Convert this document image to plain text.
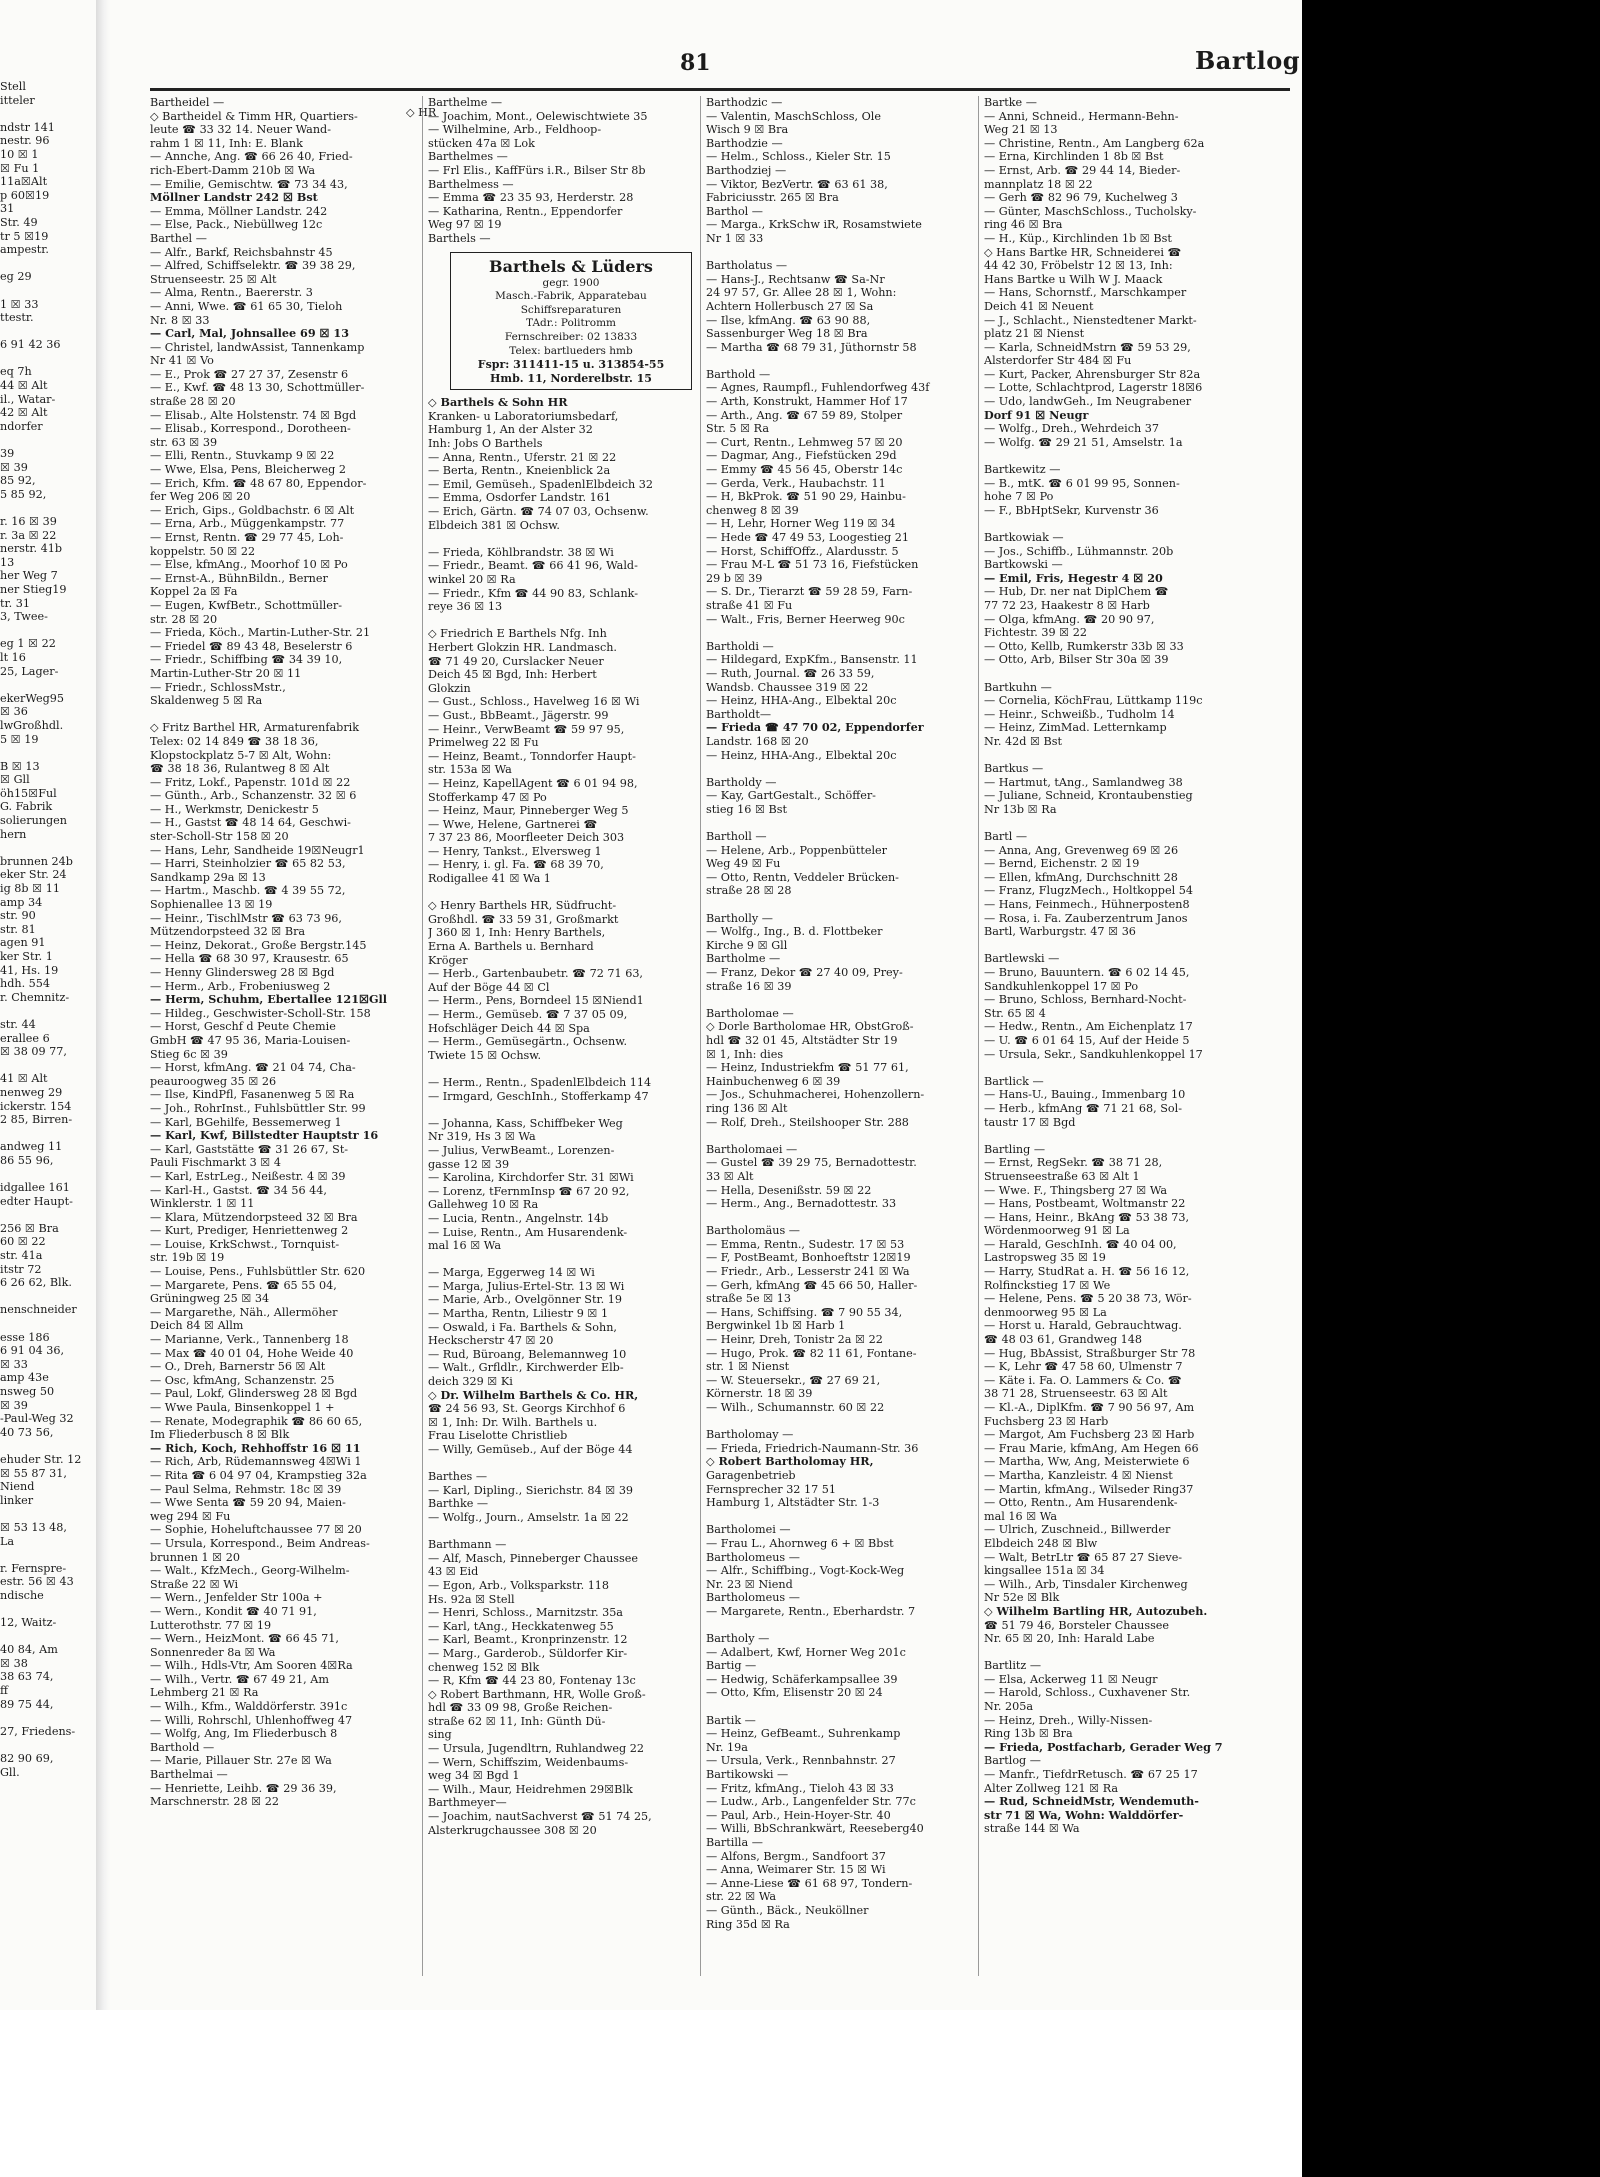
Stell
itteler

ndstr 141
nestr. 96
10 ☒ 1
☒ Fu 1
11a☒Alt
p 60☒19
31
Str. 49
tr 5 ☒19
ampestr.

eg 29

1 ☒ 33
ttestr.

6 91 42 36

eq 7h
44 ☒ Alt
il., Watar-
42 ☒ Alt
ndorfer

39
☒ 39
85 92,
5 85 92,

r. 16 ☒ 39
r. 3a ☒ 22
nerstr. 41b
13
her Weg 7
ner Stieg19
tr. 31
3, Twee-

eg 1 ☒ 22
lt 16
25, Lager-

ekerWeg95
☒ 36
lwGroßhdl.
5 ☒ 19

B ☒ 13
☒ Gll
öh15☒Ful
G. Fabrik
solierungen
hern

brunnen 24b
eker Str. 24
ig 8b ☒ 11
amp 34
str. 90
str. 81
agen 91
ker Str. 1
41, Hs. 19
hdh. 554
r. Chemnitz-

str. 44
erallee 6
☒ 38 09 77,

41 ☒ Alt
nenweg 29
ickerstr. 154
2 85, Birren-

andweg 11
86 55 96,

idgallee 161
edter Haupt-

256 ☒ Bra
60 ☒ 22
str. 41a
itstr 72
6 26 62, Blk.

nenschneider

esse 186
6 91 04 36,
☒ 33
amp 43e
nsweg 50
☒ 39
-Paul-Weg 32
40 73 56,

ehuder Str. 12
☒ 55 87 31,
Niend
linker

☒ 53 13 48,
La

r. Fernspre-
estr. 56 ☒ 43
ndische

12, Waitz-

40 84, Am
☒ 38
38 63 74,
ff
89 75 44,

27, Friedens-

82 90 69,
Gll.
81	Bartlog
Bartheidel —
◇ Bartheidel & Timm HR, Quartiers-
leute ☎ 33 32 14. Neuer Wand-
rahm 1 ☒ 11, Inh: E. Blank
— Annche, Ang. ☎ 66 26 40, Fried-
rich-Ebert-Damm 210b ☒ Wa
— Emilie, Gemischtw. ☎ 73 34 43,
Möllner Landstr 242 ☒ Bst
— Emma, Möllner Landstr. 242
— Else, Pack., Niebüllweg 12c
Barthel —
— Alfr., Barkf, Reichsbahnstr 45
— Alfred, Schiffselektr. ☎ 39 38 29,
Struenseestr. 25 ☒ Alt
— Alma, Rentn., Baererstr. 3
— Anni, Wwe. ☎ 61 65 30, Tieloh
Nr. 8 ☒ 33
— Carl, Mal, Johnsallee 69 ☒ 13
— Christel, landwAssist, Tannenkamp
Nr 41 ☒ Vo
— E., Prok ☎ 27 27 37, Zesenstr 6
— E., Kwf. ☎ 48 13 30, Schottmüller-
straße 28 ☒ 20
— Elisab., Alte Holstenstr. 74 ☒ Bgd
— Elisab., Korrespond., Dorotheen-
str. 63 ☒ 39
— Elli, Rentn., Stuvkamp 9 ☒ 22
— Wwe, Elsa, Pens, Bleicherweg 2
— Erich, Kfm. ☎ 48 67 80, Eppendor-
fer Weg 206 ☒ 20
— Erich, Gips., Goldbachstr. 6 ☒ Alt
— Erna, Arb., Müggenkampstr. 77
— Ernst, Rentn. ☎ 29 77 45, Loh-
koppelstr. 50 ☒ 22
— Else, kfmAng., Moorhof 10 ☒ Po
— Ernst-A., BühnBildn., Berner
Koppel 2a ☒ Fa
— Eugen, KwfBetr., Schottmüller-
str. 28 ☒ 20
— Frieda, Köch., Martin-Luther-Str. 21
— Friedel ☎ 89 43 48, Beselerstr 6
— Friedr., Schiffbing ☎ 34 39 10,
Martin-Luther-Str 20 ☒ 11
— Friedr., SchlossMstr.,
Skaldenweg 5 ☒ Ra

◇ Fritz Barthel HR, Armaturenfabrik
Telex: 02 14 849 ☎ 38 18 36,
Klopstockplatz 5-7 ☒ Alt, Wohn:
☎ 38 18 36, Rulantweg 8 ☒ Alt
— Fritz, Lokf., Papenstr. 101d ☒ 22
— Günth., Arb., Schanzenstr. 32 ☒ 6
— H., Werkmstr, Denickestr 5
— H., Gastst ☎ 48 14 64, Geschwi-
ster-Scholl-Str 158 ☒ 20
— Hans, Lehr, Sandheide 19☒Neugr1
— Harri, Steinholzier ☎ 65 82 53,
Sandkamp 29a ☒ 13
— Hartm., Maschb. ☎ 4 39 55 72,
Sophienallee 13 ☒ 19
— Heinr., TischlMstr ☎ 63 73 96,
Mützendorpsteed 32 ☒ Bra
— Heinz, Dekorat., Große Bergstr.145
— Hella ☎ 68 30 97, Krausestr. 65
— Henny Glindersweg 28 ☒ Bgd
— Herm., Arb., Frobeniusweg 2
— Herm, Schuhm, Ebertallee 121☒Gll
— Hildeg., Geschwister-Scholl-Str. 158
— Horst, Geschf d Peute Chemie
GmbH ☎ 47 95 36, Maria-Louisen-
Stieg 6c ☒ 39
— Horst, kfmAng. ☎ 21 04 74, Cha-
peauroogweg 35 ☒ 26
— Ilse, KindPfl, Fasanenweg 5 ☒ Ra
— Joh., RohrInst., Fuhlsbüttler Str. 99
— Karl, BGehilfe, Bessemerweg 1
— Karl, Kwf, Billstedter Hauptstr 16
— Karl, Gaststätte ☎ 31 26 67, St-
Pauli Fischmarkt 3 ☒ 4
— Karl, EstrLeg., Neißestr. 4 ☒ 39
— Karl-H., Gastst. ☎ 34 56 44,
Winklerstr. 1 ☒ 11
— Klara, Mützendorpsteed 32 ☒ Bra
— Kurt, Prediger, Henriettenweg 2
— Louise, KrkSchwst., Tornquist-
str. 19b ☒ 19
— Louise, Pens., Fuhlsbüttler Str. 620
— Margarete, Pens. ☎ 65 55 04,
Grüningweg 25 ☒ 34
— Margarethe, Näh., Allermöher
Deich 84 ☒ Allm
— Marianne, Verk., Tannenberg 18
— Max ☎ 40 01 04, Hohe Weide 40
— O., Dreh, Barnerstr 56 ☒ Alt
— Osc, kfmAng, Schanzenstr. 25
— Paul, Lokf, Glindersweg 28 ☒ Bgd
— Wwe Paula, Binsenkoppel 1 +
— Renate, Modegraphik ☎ 86 60 65,
Im Fliederbusch 8 ☒ Blk
— Rich, Koch, Rehhoffstr 16 ☒ 11
— Rich, Arb, Rüdemannsweg 4☒Wi 1
— Rita ☎ 6 04 97 04, Krampstieg 32a
— Paul Selma, Rehmstr. 18c ☒ 39
— Wwe Senta ☎ 59 20 94, Maien-
weg 294 ☒ Fu
— Sophie, Hoheluftchaussee 77 ☒ 20
— Ursula, Korrespond., Beim Andreas-
brunnen 1 ☒ 20
— Walt., KfzMech., Georg-Wilhelm-
Straße 22 ☒ Wi
— Wern., Jenfelder Str 100a +
— Wern., Kondit ☎ 40 71 91,
Lutterothstr. 77 ☒ 19
— Wern., HeizMont. ☎ 66 45 71,
Sonnenreder 8a ☒ Wa
— Wilh., Hdls-Vtr, Am Sooren 4☒Ra
— Wilh., Vertr. ☎ 67 49 21, Am
Lehmberg 21 ☒ Ra
— Wilh., Kfm., Walddörferstr. 391c
— Willi, Rohrschl, Uhlenhoffweg 47
— Wolfg, Ang, Im Fliederbusch 8
Barthold —
— Marie, Pillauer Str. 27e ☒ Wa
Barthelmai —
— Henriette, Leihb. ☎ 29 36 39,
Marschnerstr. 28 ☒ 22
Barthelme —
— Joachim, Mont., Oelewischtwiete 35
— Wilhelmine, Arb., Feldhoop-
stücken 47a ☒ Lok
Barthelmes —
— Frl Elis., KaffFürs i.R., Bilser Str 8b
Barthelmess —
— Emma ☎ 23 35 93, Herderstr. 28
— Katharina, Rentn., Eppendorfer
Weg 97 ☒ 19
Barthels —
◇ HR
Barthels & Lüders
gegr. 1900
Masch.-Fabrik, Apparatebau
Schiffsreparaturen
TAdr.: Politromm
Fernschreiber: 02 13833
Telex: bartlueders hmb
Fspr: 311411-15 u. 313854-55
Hmb. 11, Norderelbstr. 15
◇ Barthels & Sohn HR
Kranken- u Laboratoriumsbedarf,
Hamburg 1, An der Alster 32
Inh: Jobs O Barthels
— Anna, Rentn., Uferstr. 21 ☒ 22
— Berta, Rentn., Kneienblick 2a
— Emil, Gemüseh., SpadenlElbdeich 32
— Emma, Osdorfer Landstr. 161
— Erich, Gärtn. ☎ 74 07 03, Ochsenw.
Elbdeich 381 ☒ Ochsw.

— Frieda, Köhlbrandstr. 38 ☒ Wi
— Friedr., Beamt. ☎ 66 41 96, Wald-
winkel 20 ☒ Ra
— Friedr., Kfm ☎ 44 90 83, Schlank-
reye 36 ☒ 13

◇ Friedrich E Barthels Nfg. Inh
Herbert Glokzin HR. Landmasch.
☎ 71 49 20, Curslacker Neuer
Deich 45 ☒ Bgd, Inh: Herbert
Glokzin
— Gust., Schloss., Havelweg 16 ☒ Wi
— Gust., BbBeamt., Jägerstr. 99
— Heinr., VerwBeamt ☎ 59 97 95,
Primelweg 22 ☒ Fu
— Heinz, Beamt., Tonndorfer Haupt-
str. 153a ☒ Wa
— Heinz, KapellAgent ☎ 6 01 94 98,
Stofferkamp 47 ☒ Po
— Heinz, Maur, Pinneberger Weg 5
— Wwe, Helene, Gartnerei ☎
7 37 23 86, Moorfleeter Deich 303
— Henry, Tankst., Elversweg 1
— Henry, i. gl. Fa. ☎ 68 39 70,
Rodigallee 41 ☒ Wa 1

◇ Henry Barthels HR, Südfrucht-
Großhdl. ☎ 33 59 31, Großmarkt
J 360 ☒ 1, Inh: Henry Barthels,
Erna A. Barthels u. Bernhard
Kröger
— Herb., Gartenbaubetr. ☎ 72 71 63,
Auf der Böge 44 ☒ Cl
— Herm., Pens, Borndeel 15 ☒Niend1
— Herm., Gemüseb. ☎ 7 37 05 09,
Hofschläger Deich 44 ☒ Spa
— Herm., Gemüsegärtn., Ochsenw.
Twiete 15 ☒ Ochsw.

— Herm., Rentn., SpadenlElbdeich 114
— Irmgard, GeschInh., Stofferkamp 47

— Johanna, Kass, Schiffbeker Weg
Nr 319, Hs 3 ☒ Wa
— Julius, VerwBeamt., Lorenzen-
gasse 12 ☒ 39
— Karolina, Kirchdorfer Str. 31 ☒Wi
— Lorenz, tFernmInsp ☎ 67 20 92,
Gallehweg 10 ☒ Ra
— Lucia, Rentn., Angelnstr. 14b
— Luise, Rentn., Am Husarendenk-
mal 16 ☒ Wa

— Marga, Eggerweg 14 ☒ Wi
— Marga, Julius-Ertel-Str. 13 ☒ Wi
— Marie, Arb., Ovelgönner Str. 19
— Martha, Rentn, Liliestr 9 ☒ 1
— Oswald, i Fa. Barthels & Sohn,
Heckscherstr 47 ☒ 20
— Rud, Büroang, Belemannweg 10
— Walt., Grfldlr., Kirchwerder Elb-
deich 329 ☒ Ki
◇ Dr. Wilhelm Barthels & Co. HR,
☎ 24 56 93, St. Georgs Kirchhof 6
☒ 1, Inh: Dr. Wilh. Barthels u.
Frau Liselotte Christlieb
— Willy, Gemüseb., Auf der Böge 44

Barthes —
— Karl, Dipling., Sierichstr. 84 ☒ 39
Barthke —
— Wolfg., Journ., Amselstr. 1a ☒ 22

Barthmann —
— Alf, Masch, Pinneberger Chaussee
43 ☒ Eid
— Egon, Arb., Volksparkstr. 118
Hs. 92a ☒ Stell
— Henri, Schloss., Marnitzstr. 35a
— Karl, tAng., Heckkatenweg 55
— Karl, Beamt., Kronprinzenstr. 12
— Marg., Garderob., Süldorfer Kir-
chenweg 152 ☒ Blk
— R, Kfm ☎ 44 23 80, Fontenay 13c
◇ Robert Barthmann, HR, Wolle Groß-
hdl ☎ 33 09 98, Große Reichen-
straße 62 ☒ 11, Inh: Günth Dü-
sing
— Ursula, Jugendltrn, Ruhlandweg 22
— Wern, Schiffszim, Weidenbaums-
weg 34 ☒ Bgd 1
— Wilh., Maur, Heidrehmen 29☒Blk
Barthmeyer—
— Joachim, nautSachverst ☎ 51 74 25,
Alsterkrugchaussee 308 ☒ 20
Barthodzic —
— Valentin, MaschSchloss, Ole
Wisch 9 ☒ Bra
Barthodzie —
— Helm., Schloss., Kieler Str. 15
Barthodziej —
— Viktor, BezVertr. ☎ 63 61 38,
Fabriciusstr. 265 ☒ Bra
Barthol —
— Marga., KrkSchw iR, Rosamstwiete
Nr 1 ☒ 33

Bartholatus —
— Hans-J., Rechtsanw ☎ Sa-Nr
24 97 57, Gr. Allee 28 ☒ 1, Wohn:
Achtern Hollerbusch 27 ☒ Sa
— Ilse, kfmAng. ☎ 63 90 88,
Sassenburger Weg 18 ☒ Bra
— Martha ☎ 68 79 31, Jüthornstr 58

Barthold —
— Agnes, Raumpfl., Fuhlendorfweg 43f
— Arth, Konstrukt, Hammer Hof 17
— Arth., Ang. ☎ 67 59 89, Stolper
Str. 5 ☒ Ra
— Curt, Rentn., Lehmweg 57 ☒ 20
— Dagmar, Ang., Fiefstücken 29d
— Emmy ☎ 45 56 45, Oberstr 14c
— Gerda, Verk., Haubachstr. 11
— H, BkProk. ☎ 51 90 29, Hainbu-
chenweg 8 ☒ 39
— H, Lehr, Horner Weg 119 ☒ 34
— Hede ☎ 47 49 53, Loogestieg 21
— Horst, SchiffOffz., Alardusstr. 5
— Frau M-L ☎ 51 73 16, Fiefstücken
29 b ☒ 39
— S. Dr., Tierarzt ☎ 59 28 59, Farn-
straße 41 ☒ Fu
— Walt., Fris, Berner Heerweg 90c

Bartholdi —
— Hildegard, ExpKfm., Bansenstr. 11
— Ruth, Journal. ☎ 26 33 59,
Wandsb. Chaussee 319 ☒ 22
— Heinz, HHA-Ang., Elbektal 20c
Bartholdt—
— Frieda ☎ 47 70 02, Eppendorfer
Landstr. 168 ☒ 20
— Heinz, HHA-Ang., Elbektal 20c

Bartholdy —
— Kay, GartGestalt., Schöffer-
stieg 16 ☒ Bst

Bartholl —
— Helene, Arb., Poppenbütteler
Weg 49 ☒ Fu
— Otto, Rentn, Veddeler Brücken-
straße 28 ☒ 28

Bartholly —
— Wolfg., Ing., B. d. Flottbeker
Kirche 9 ☒ Gll
Bartholme —
— Franz, Dekor ☎ 27 40 09, Prey-
straße 16 ☒ 39

Bartholomae —
◇ Dorle Bartholomae HR, ObstGroß-
hdl ☎ 32 01 45, Altstädter Str 19
☒ 1, Inh: dies
— Heinz, Industriekfm ☎ 51 77 61,
Hainbuchenweg 6 ☒ 39
— Jos., Schuhmacherei, Hohenzollern-
ring 136 ☒ Alt
— Rolf, Dreh., Steilshooper Str. 288

Bartholomaei —
— Gustel ☎ 39 29 75, Bernadottestr.
33 ☒ Alt
— Hella, Desenißstr. 59 ☒ 22
— Herm., Ang., Bernadottestr. 33

Bartholomäus —
— Emma, Rentn., Sudestr. 17 ☒ 53
— F, PostBeamt, Bonhoeftstr 12☒19
— Friedr., Arb., Lesserstr 241 ☒ Wa
— Gerh, kfmAng ☎ 45 66 50, Haller-
straße 5e ☒ 13
— Hans, Schiffsing. ☎ 7 90 55 34,
Bergwinkel 1b ☒ Harb 1
— Heinr, Dreh, Tonistr 2a ☒ 22
— Hugo, Prok. ☎ 82 11 61, Fontane-
str. 1 ☒ Nienst
— W. Steuersekr., ☎ 27 69 21,
Körnerstr. 18 ☒ 39
— Wilh., Schumannstr. 60 ☒ 22

Bartholomay —
— Frieda, Friedrich-Naumann-Str. 36
◇ Robert Bartholomay HR,
Garagenbetrieb
Fernsprecher 32 17 51
Hamburg 1, Altstädter Str. 1-3

Bartholomei —
— Frau L., Ahornweg 6 + ☒ Bbst
Bartholomeus —
— Alfr., Schiffbing., Vogt-Kock-Weg
Nr. 23 ☒ Niend
Bartholomeus —
— Margarete, Rentn., Eberhardstr. 7

Bartholy —
— Adalbert, Kwf, Horner Weg 201c
Bartig —
— Hedwig, Schäferkampsallee 39
— Otto, Kfm, Elisenstr 20 ☒ 24

Bartik —
— Heinz, GefBeamt., Suhrenkamp
Nr. 19a
— Ursula, Verk., Rennbahnstr. 27
Bartikowski —
— Fritz, kfmAng., Tieloh 43 ☒ 33
— Ludw., Arb., Langenfelder Str. 77c
— Paul, Arb., Hein-Hoyer-Str. 40
— Willi, BbSchrankwärt, Reeseberg40
Bartilla —
— Alfons, Bergm., Sandfoort 37
— Anna, Weimarer Str. 15 ☒ Wi
— Anne-Liese ☎ 61 68 97, Tondern-
str. 22 ☒ Wa
— Günth., Bäck., Neuköllner
Ring 35d ☒ Ra
Bartke —
— Anni, Schneid., Hermann-Behn-
Weg 21 ☒ 13
— Christine, Rentn., Am Langberg 62a
— Erna, Kirchlinden 1 8b ☒ Bst
— Ernst, Arb. ☎ 29 44 14, Bieder-
mannplatz 18 ☒ 22
— Gerh ☎ 82 96 79, Kuchelweg 3
— Günter, MaschSchloss., Tucholsky-
ring 46 ☒ Bra
— H., Küp., Kirchlinden 1b ☒ Bst
◇ Hans Bartke HR, Schneiderei ☎
44 42 30, Fröbelstr 12 ☒ 13, Inh:
Hans Bartke u Wilh W J. Maack
— Hans, Schornstf., Marschkamper
Deich 41 ☒ Neuent
— J., Schlacht., Nienstedtener Markt-
platz 21 ☒ Nienst
— Karla, SchneidMstrn ☎ 59 53 29,
Alsterdorfer Str 484 ☒ Fu
— Kurt, Packer, Ahrensburger Str 82a
— Lotte, Schlachtprod, Lagerstr 18☒6
— Udo, landwGeh., Im Neugrabener
Dorf 91 ☒ Neugr
— Wolfg., Dreh., Wehrdeich 37
— Wolfg. ☎ 29 21 51, Amselstr. 1a

Bartkewitz —
— B., mtK. ☎ 6 01 99 95, Sonnen-
hohe 7 ☒ Po
— F., BbHptSekr, Kurvenstr 36

Bartkowiak —
— Jos., Schiffb., Lühmannstr. 20b
Bartkowski —
— Emil, Fris, Hegestr 4 ☒ 20
— Hub, Dr. ner nat DiplChem ☎
77 72 23, Haakestr 8 ☒ Harb
— Olga, kfmAng. ☎ 20 90 97,
Fichtestr. 39 ☒ 22
— Otto, Kellb, Rumkerstr 33b ☒ 33
— Otto, Arb, Bilser Str 30a ☒ 39

Bartkuhn —
— Cornelia, KöchFrau, Lüttkamp 119c
— Heinr., Schweißb., Tudholm 14
— Heinz, ZimMad. Letternkamp
Nr. 42d ☒ Bst

Bartkus —
— Hartmut, tAng., Samlandweg 38
— Juliane, Schneid, Krontaubenstieg
Nr 13b ☒ Ra

Bartl —
— Anna, Ang, Grevenweg 69 ☒ 26
— Bernd, Eichenstr. 2 ☒ 19
— Ellen, kfmAng, Durchschnitt 28
— Franz, FlugzMech., Holtkoppel 54
— Hans, Feinmech., Hühnerposten8
— Rosa, i. Fa. Zauberzentrum Janos
Bartl, Warburgstr. 47 ☒ 36

Bartlewski —
— Bruno, Bauuntern. ☎ 6 02 14 45,
Sandkuhlenkoppel 17 ☒ Po
— Bruno, Schloss, Bernhard-Nocht-
Str. 65 ☒ 4
— Hedw., Rentn., Am Eichenplatz 17
— U. ☎ 6 01 64 15, Auf der Heide 5
— Ursula, Sekr., Sandkuhlenkoppel 17

Bartlick —
— Hans-U., Bauing., Immenbarg 10
— Herb., kfmAng ☎ 71 21 68, Sol-
taustr 17 ☒ Bgd

Bartling —
— Ernst, RegSekr. ☎ 38 71 28,
Struenseestraße 63 ☒ Alt 1
— Wwe. F., Thingsberg 27 ☒ Wa
— Hans, Postbeamt, Woltmanstr 22
— Hans, Heinr., BkAng ☎ 53 38 73,
Wördenmoorweg 91 ☒ La
— Harald, GeschInh. ☎ 40 04 00,
Lastropsweg 35 ☒ 19
— Harry, StudRat a. H. ☎ 56 16 12,
Rolfinckstieg 17 ☒ We
— Helene, Pens. ☎ 5 20 38 73, Wör-
denmoorweg 95 ☒ La
— Horst u. Harald, Gebrauchtwag.
☎ 48 03 61, Grandweg 148
— Hug, BbAssist, Straßburger Str 78
— K, Lehr ☎ 47 58 60, Ulmenstr 7
— Käte i. Fa. O. Lammers & Co. ☎
38 71 28, Struenseestr. 63 ☒ Alt
— Kl.-A., DiplKfm. ☎ 7 90 56 97, Am
Fuchsberg 23 ☒ Harb
— Margot, Am Fuchsberg 23 ☒ Harb
— Frau Marie, kfmAng, Am Hegen 66
— Martha, Ww, Ang, Meisterwiete 6
— Martha, Kanzleistr. 4 ☒ Nienst
— Martin, kfmAng., Wilseder Ring37
— Otto, Rentn., Am Husarendenk-
mal 16 ☒ Wa
— Ulrich, Zuschneid., Billwerder
Elbdeich 248 ☒ Blw
— Walt, BetrLtr ☎ 65 87 27 Sieve-
kingsallee 151a ☒ 34
— Wilh., Arb, Tinsdaler Kirchenweg
Nr 52e ☒ Blk
◇ Wilhelm Bartling HR, Autozubeh.
☎ 51 79 46, Borsteler Chaussee
Nr. 65 ☒ 20, Inh: Harald Labe

Bartlitz —
— Elsa, Ackerweg 11 ☒ Neugr
— Harold, Schloss., Cuxhavener Str.
Nr. 205a
— Heinz, Dreh., Willy-Nissen-
Ring 13b ☒ Bra
— Frieda, Postfacharb, Gerader Weg 7
Bartlog —
— Manfr., TiefdrRetusch. ☎ 67 25 17
Alter Zollweg 121 ☒ Ra
— Rud, SchneidMstr, Wendemuth-
str 71 ☒ Wa, Wohn: Walddörfer-
straße 144 ☒ Wa
